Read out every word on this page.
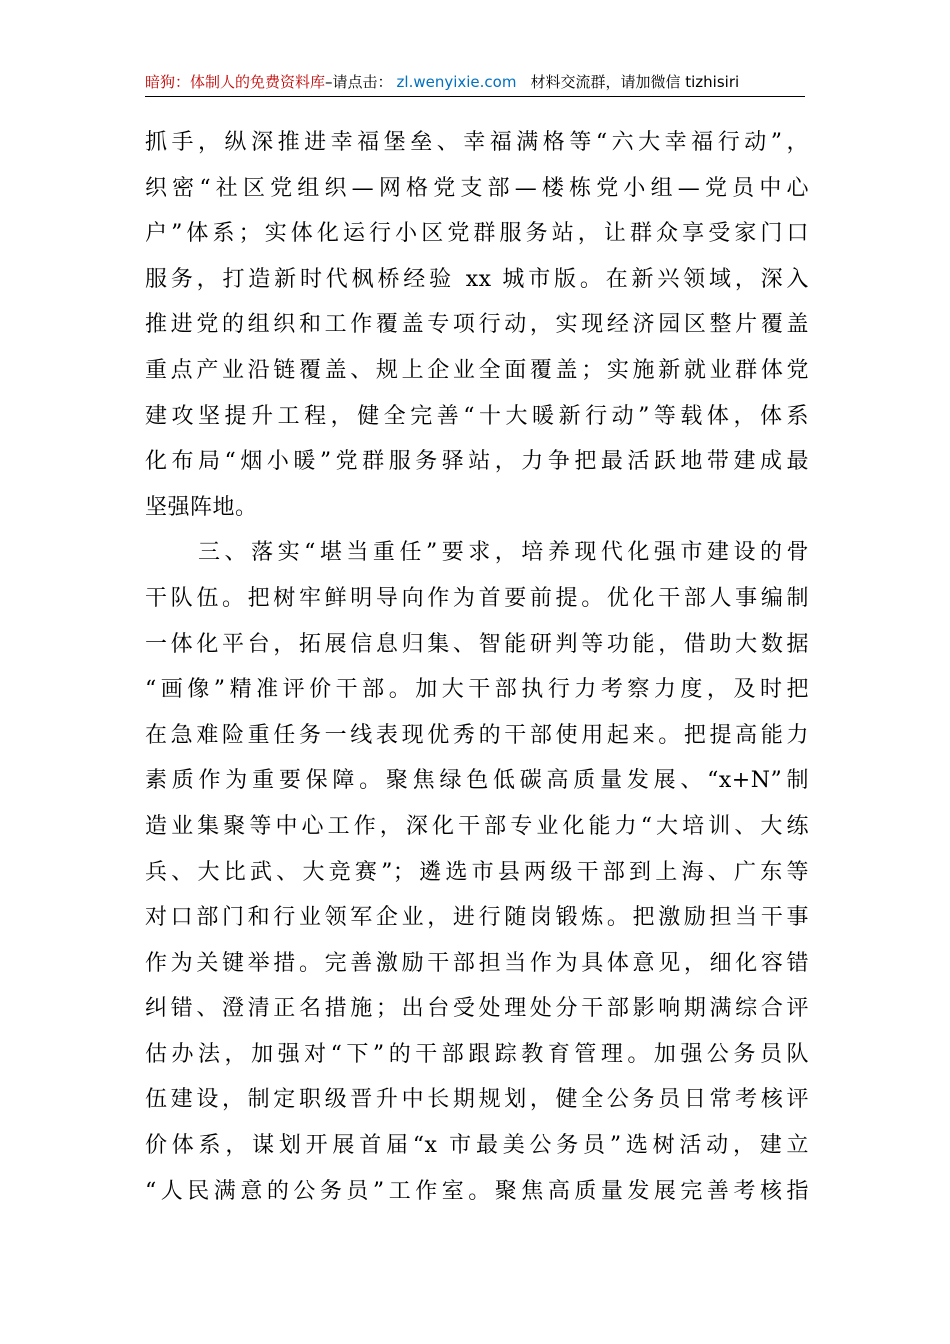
暗狗：体制人的免费资料库–请点击： zl.wenyixie.com 材料交流群，请加微信 tizhisiri
抓手，纵深推进幸福堡垒、幸福满格等“六大幸福行动”，
织密“社区党组织—网格党支部—楼栋党小组—党员中心
户”体系；实体化运行小区党群服务站，让群众享受家门口
服务，打造新时代枫桥经验 xx 城市版。在新兴领域，深入
推进党的组织和工作覆盖专项行动，实现经济园区整片覆盖
重点产业沿链覆盖、规上企业全面覆盖；实施新就业群体党
建攻坚提升工程，健全完善“十大暖新行动”等载体，体系
化布局“烟小暖”党群服务驿站，力争把最活跃地带建成最
坚强阵地。
　　三、落实“堪当重任”要求，培养现代化强市建设的骨
干队伍。把树牢鲜明导向作为首要前提。优化干部人事编制
一体化平台，拓展信息归集、智能研判等功能，借助大数据
“画像”精准评价干部。加大干部执行力考察力度，及时把
在急难险重任务一线表现优秀的干部使用起来。把提高能力
素质作为重要保障。聚焦绿色低碳高质量发展、“x+N”制
造业集聚等中心工作，深化干部专业化能力“大培训、大练
兵、大比武、大竞赛”；遴选市县两级干部到上海、广东等
对口部门和行业领军企业，进行随岗锻炼。把激励担当干事
作为关键举措。完善激励干部担当作为具体意见，细化容错
纠错、澄清正名措施；出台受处理处分干部影响期满综合评
估办法，加强对“下”的干部跟踪教育管理。加强公务员队
伍建设，制定职级晋升中长期规划，健全公务员日常考核评
价体系，谋划开展首届“x 市最美公务员”选树活动，建立
“人民满意的公务员”工作室。聚焦高质量发展完善考核指
